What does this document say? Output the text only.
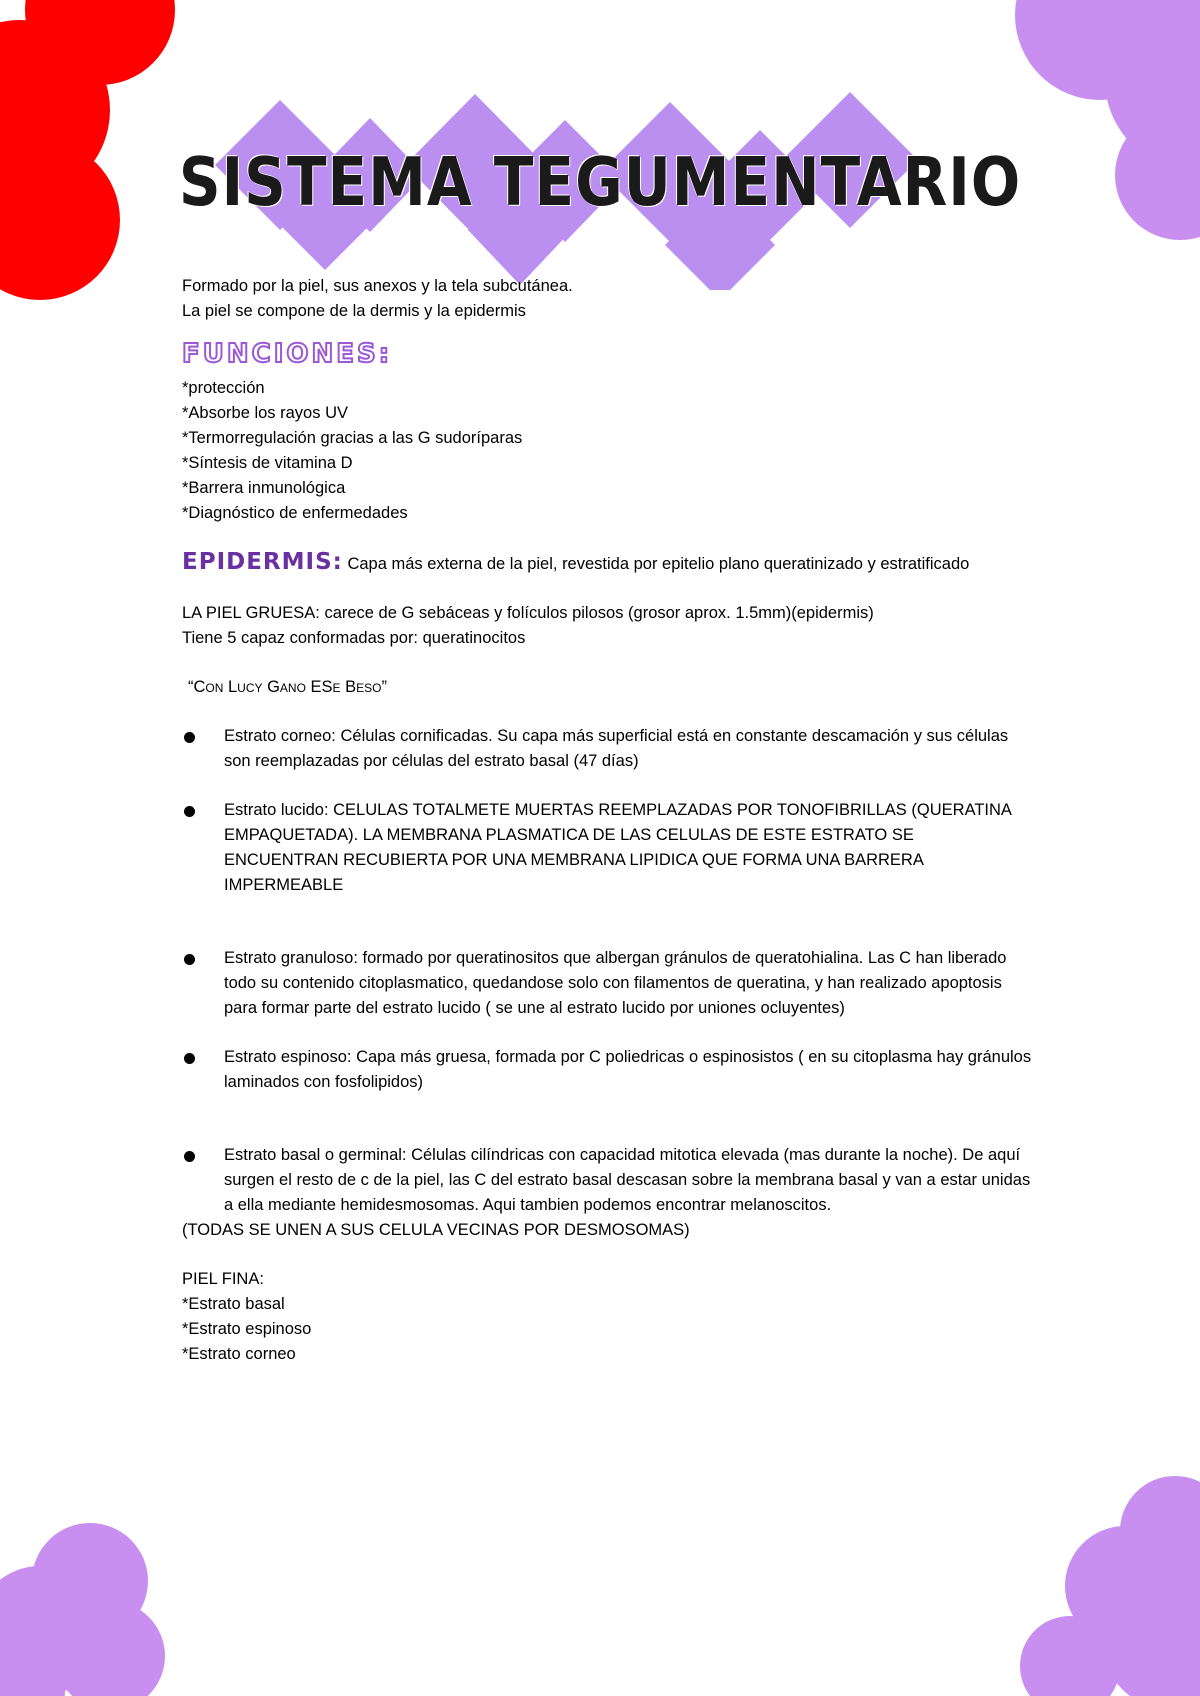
SISTEMA TEGUMENTARIO

Formado por la piel, sus anexos y la tela subcutánea.

La piel se compone de la dermis y la epidermis

FUNCIONES:

*protección

*Absorbe los rayos UV

*Termorregulación gracias a las G sudoríparas

*Síntesis de vitamina D

*Barrera inmunológica

*Diagnóstico de enfermedades

EPIDERMIS: Capa más externa de la piel, revestida por epitelio plano queratinizado y estratificado

LA PIEL GRUESA: carece de G sebáceas y folículos pilosos (grosor aprox. 1.5mm)(epidermis)

Tiene 5 capaz conformadas por: queratinocitos

“Con Lucy Gano ESe Beso”

Estrato corneo: Células cornificadas. Su capa más superficial está en constante descamación y sus células son reemplazadas por células del estrato basal (47 días)
Estrato lucido: CELULAS TOTALMETE MUERTAS REEMPLAZADAS POR TONOFIBRILLAS (QUERATINA EMPAQUETADA). LA MEMBRANA PLASMATICA DE LAS CELULAS DE ESTE ESTRATO SE ENCUENTRAN RECUBIERTA POR UNA MEMBRANA LIPIDICA QUE FORMA UNA BARRERA IMPERMEABLE
Estrato granuloso: formado por queratinositos que albergan gránulos de queratohialina. Las C han liberado todo su contenido citoplasmatico, quedandose solo con filamentos de queratina, y han realizado apoptosis para formar parte del estrato lucido ( se une al estrato lucido por uniones ocluyentes)
Estrato espinoso: Capa más gruesa, formada por C poliedricas o espinosistos ( en su citoplasma hay gránulos laminados con fosfolipidos)
Estrato basal o germinal: Células cilíndricas con capacidad mitotica elevada (mas durante la noche). De aquí surgen el resto de c de la piel, las C del estrato basal descasan sobre la membrana basal y van a estar unidas a ella mediante hemidesmosomas. Aqui tambien podemos encontrar melanoscitos.

(TODAS SE UNEN A SUS CELULA VECINAS POR DESMOSOMAS)

PIEL FINA:

*Estrato basal

*Estrato espinoso

*Estrato corneo
